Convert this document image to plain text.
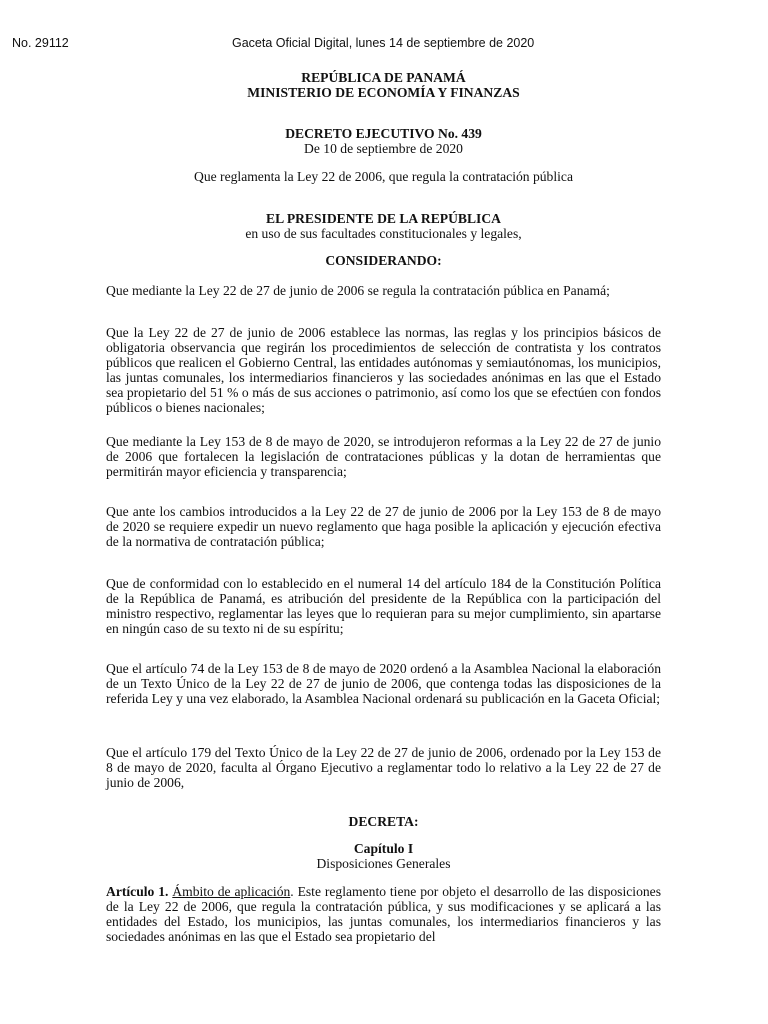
No. 29112	Gaceta Oficial Digital, lunes 14 de septiembre de 2020
REPÚBLICA DE PANAMÁ
MINISTERIO DE ECONOMÍA Y FINANZAS
DECRETO EJECUTIVO No. 439
De 10 de septiembre de 2020
Que reglamenta la Ley 22 de 2006, que regula la contratación pública
EL PRESIDENTE DE LA REPÚBLICA
en uso de sus facultades constitucionales y legales,
CONSIDERANDO:
Que mediante la Ley 22 de 27 de junio de 2006 se regula la contratación pública en Panamá;
Que la Ley 22 de 27 de junio de 2006 establece las normas, las reglas y los principios básicos de obligatoria observancia que regirán los procedimientos de selección de contratista y los contratos públicos que realicen el Gobierno Central, las entidades autónomas y semiautónomas, los municipios, las juntas comunales, los intermediarios financieros y las sociedades anónimas en las que el Estado sea propietario del 51 % o más de sus acciones o patrimonio, así como los que se efectúen con fondos públicos o bienes nacionales;
Que mediante la Ley 153 de 8 de mayo de 2020, se introdujeron reformas a la Ley 22 de 27 de junio de 2006 que fortalecen la legislación de contrataciones públicas y la dotan de herramientas que permitirán mayor eficiencia y transparencia;
Que ante los cambios introducidos a la Ley 22 de 27 de junio de 2006 por la Ley 153 de 8 de mayo de 2020 se requiere expedir un nuevo reglamento que haga posible la aplicación y ejecución efectiva de la normativa de contratación pública;
Que de conformidad con lo establecido en el numeral 14 del artículo 184 de la Constitución Política de la República de Panamá, es atribución del presidente de la República con la participación del ministro respectivo, reglamentar las leyes que lo requieran para su mejor cumplimiento, sin apartarse en ningún caso de su texto ni de su espíritu;
Que el artículo 74 de la Ley 153 de 8 de mayo de 2020 ordenó a la Asamblea Nacional la elaboración de un Texto Único de la Ley 22 de 27 de junio de 2006, que contenga todas las disposiciones de la referida Ley y una vez elaborado, la Asamblea Nacional ordenará su publicación en la Gaceta Oficial;
Que el artículo 179 del Texto Único de la Ley 22 de 27 de junio de 2006, ordenado por la Ley 153 de 8 de mayo de 2020, faculta al Órgano Ejecutivo a reglamentar todo lo relativo a la Ley 22 de 27 de junio de 2006,
DECRETA:
Capítulo I
Disposiciones Generales
Artículo 1. Ámbito de aplicación. Este reglamento tiene por objeto el desarrollo de las disposiciones de la Ley 22 de 2006, que regula la contratación pública, y sus modificaciones y se aplicará a las entidades del Estado, los municipios, las juntas comunales, los intermediarios financieros y las sociedades anónimas en las que el Estado sea propietario del
